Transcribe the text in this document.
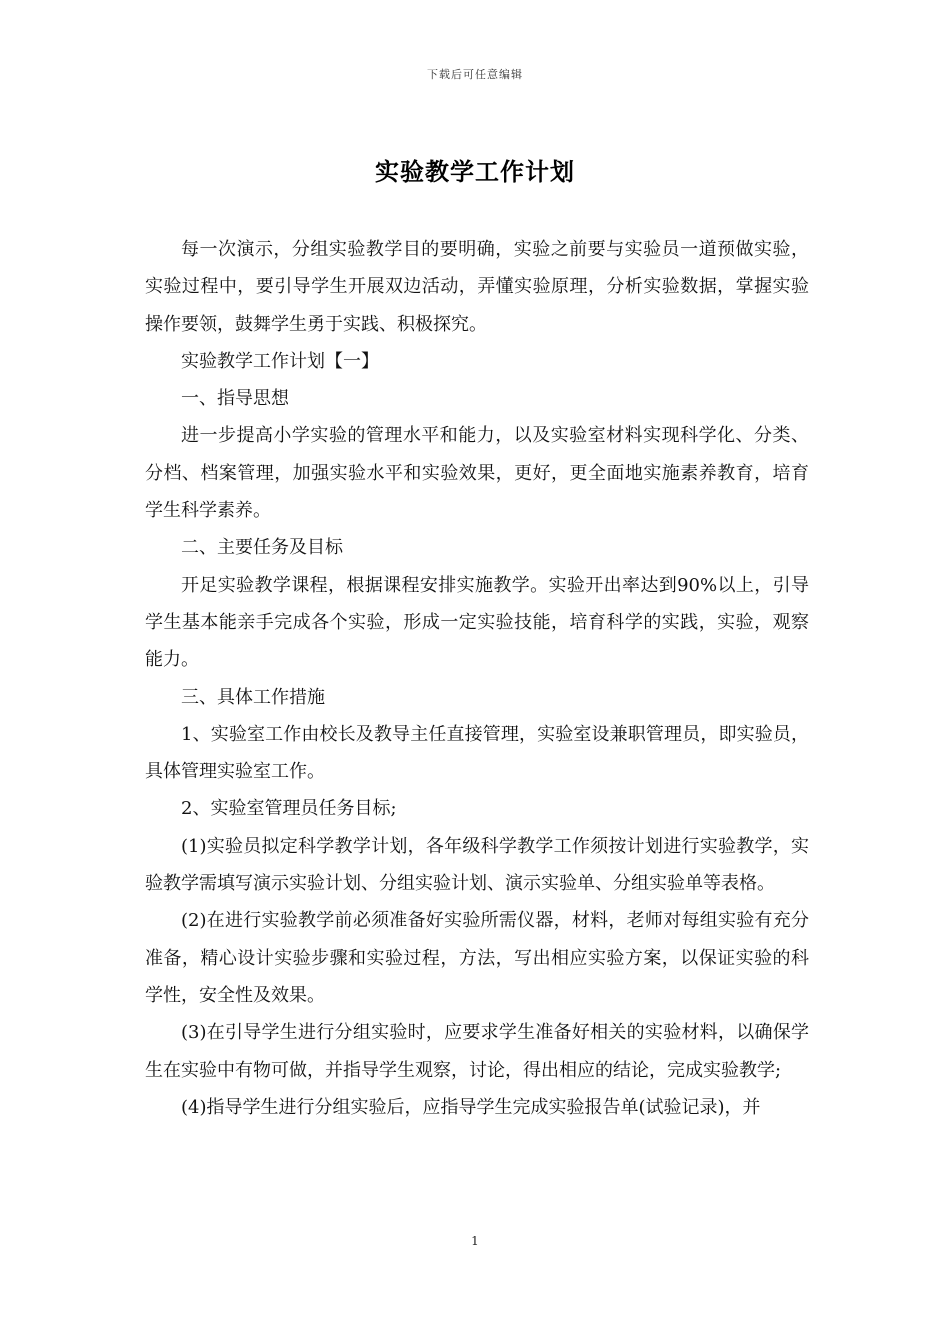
下载后可任意编辑
实验教学工作计划

每一次演示，分组实验教学目的要明确，实验之前要与实验员一道预做实验，实验过程中，要引导学生开展双边活动，弄懂实验原理，分析实验数据，掌握实验操作要领，鼓舞学生勇于实践、积极探究。

实验教学工作计划【一】

一、指导思想

进一步提高小学实验的管理水平和能力，以及实验室材料实现科学化、分类、分档、档案管理，加强实验水平和实验效果，更好，更全面地实施素养教育，培育学生科学素养。

二、主要任务及目标

开足实验教学课程，根据课程安排实施教学。实验开出率达到90%以上，引导学生基本能亲手完成各个实验，形成一定实验技能，培育科学的实践，实验，观察能力。

三、具体工作措施

1、实验室工作由校长及教导主任直接管理，实验室设兼职管理员，即实验员，具体管理实验室工作。

2、实验室管理员任务目标;

(1)实验员拟定科学教学计划，各年级科学教学工作须按计划进行实验教学，实验教学需填写演示实验计划、分组实验计划、演示实验单、分组实验单等表格。

(2)在进行实验教学前必须准备好实验所需仪器，材料，老师对每组实验有充分准备，精心设计实验步骤和实验过程，方法，写出相应实验方案，以保证实验的科学性，安全性及效果。

(3)在引导学生进行分组实验时，应要求学生准备好相关的实验材料，以确保学生在实验中有物可做，并指导学生观察，讨论，得出相应的结论，完成实验教学;

(4)指导学生进行分组实验后，应指导学生完成实验报告单(试验记录)，并

1
